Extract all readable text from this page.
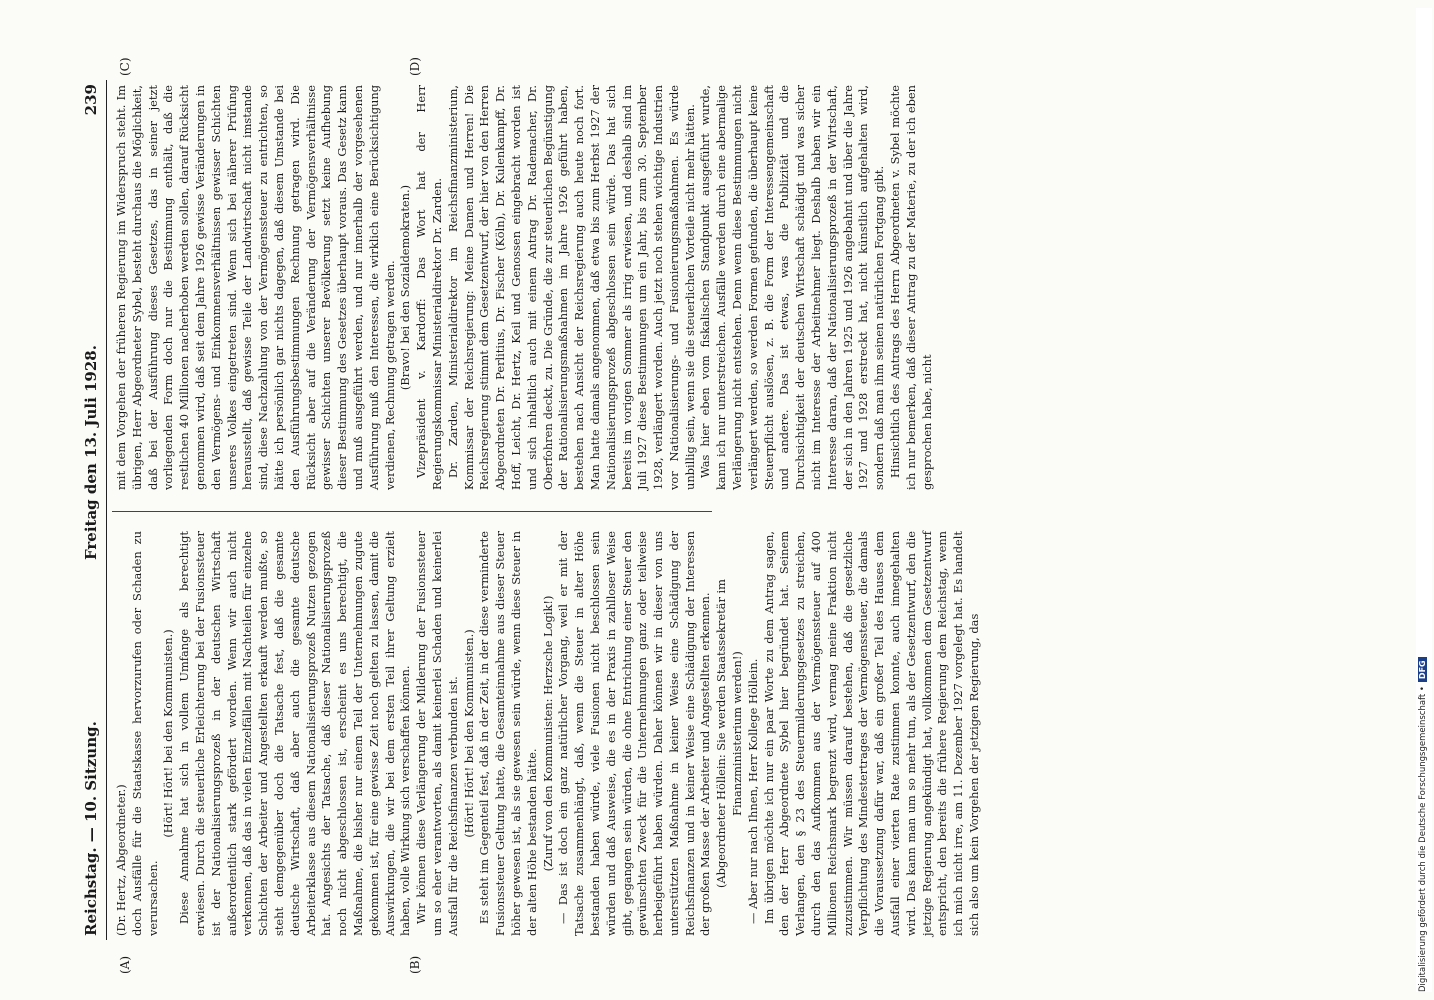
Reichstag. — 10. Sitzung.
Freitag den 13. Juli 1928.
239
(A)	(B)
(C)	(D)

(Dr. Hertz, Abgeordneter.) doch Ausfälle für die Staatskasse hervorzurufen oder Schaden zu verursachen.

(Hört! Hört! bei den Kommunisten.) Diese Annahme hat sich in vollem Umfange als berechtigt erwiesen. Durch die steuerliche Erleichterung bei der Fusionssteuer ist der Nationalisierungsprozeß in der deutschen Wirtschaft außerordentlich stark gefördert worden. Wenn wir auch nicht verkennen, daß das in vielen Einzelfällen mit Nachteilen für einzelne Schichten der Arbeiter und Angestellten erkauft werden mußte, so steht demgegenüber doch die Tatsache fest, daß die gesamte deutsche Wirtschaft, daß aber auch die gesamte deutsche Arbeiterklasse aus diesem Nationalisierungsprozeß Nutzen gezogen hat. Angesichts der Tatsache, daß dieser Nationalisierungsprozeß noch nicht abgeschlossen ist, erscheint es uns berechtigt, die Maßnahme, die bisher nur einem Teil der Unternehmungen zugute gekommen ist, für eine gewisse Zeit noch gelten zu lassen, damit die Auswirkungen, die wir bei dem ersten Teil ihrer Geltung erzielt haben, volle Wirkung sich verschaffen können. Wir können diese Verlängerung der Milderung der Fusionssteuer um so eher verantworten, als damit keinerlei Schaden und keinerlei Ausfall für die Reichsfinanzen verbunden ist. (Hört! Hört! bei den Kommunisten.) Es steht im Gegenteil fest, daß in der Zeit, in der diese verminderte Fusionssteuer Geltung hatte, die Gesamteinnahme aus dieser Steuer höher gewesen ist, als sie gewesen sein würde, wenn diese Steuer in der alten Höhe bestanden hätte. (Zuruf von den Kommunisten: Herzsche Logik!) — Das ist doch ein ganz natürlicher Vorgang, weil er mit der Tatsache zusammenhängt, daß, wenn die Steuer in alter Höhe bestanden haben würde, viele Fusionen nicht beschlossen sein würden und daß Ausweise, die es in der Praxis in zahlloser Weise gibt, gegangen sein würden, die ohne Entrichtung einer Steuer den gewünschten Zweck für die Unternehmungen ganz oder teilweise herbeigeführt haben würden. Daher können wir in dieser von uns unterstützten Maßnahme in keiner Weise eine Schädigung der Reichsfinanzen und in keiner Weise eine Schädigung der Interessen der großen Masse der Arbeiter und Angestellten erkennen. (Abgeordneter Höllein: Sie werden Staatssekretär im Finanzministerium werden!) — Aber nur nach Ihnen, Herr Kollege Höllein. Im übrigen möchte ich nur ein paar Worte zu dem Antrag sagen, den der Herr Abgeordnete Sybel hier begründet hat. Seinem Verlangen, den § 23 des Steuermilderungsgesetzes zu streichen, durch den das Aufkommen aus der Vermögenssteuer auf 400 Millionen Reichsmark begrenzt wird, vermag meine Fraktion nicht zuzustimmen. Wir müssen darauf bestehen, daß die gesetzliche Verpflichtung des Mindestertrages der Vermögenssteuer, die damals die Voraussetzung dafür war, daß ein großer Teil des Hauses dem Ausfall einer vierten Rate zustimmen konnte, auch innegehalten wird. Das kann man um so mehr tun, als der Gesetzentwurf, den die jetzige Regierung angekündigt hat, vollkommen dem Gesetzentwurf entspricht, den bereits die frühere Regierung dem Reichstag, wenn ich mich nicht irre, am 11. Dezember 1927 vorgelegt hat. Es handelt sich also um kein Vorgehen der jetzigen Regierung, das

mit dem Vorgehen der früheren Regierung im Widerspruch steht. Im übrigen, Herr Abgeordneter Sybel, besteht durchaus die Möglichkeit, daß bei der Ausführung dieses Gesetzes, das in seiner jetzt vorliegenden Form doch nur die Bestimmung enthält, daß die restlichen 40 Millionen nacherhoben werden sollen, darauf Rücksicht genommen wird, daß seit dem Jahre 1926 gewisse Veränderungen in den Vermögens- und Einkommensverhältnissen gewisser Schichten unseres Volkes eingetreten sind. Wenn sich bei näherer Prüfung herausstellt, daß gewisse Teile der Landwirtschaft nicht imstande sind, diese Nachzahlung von der Vermögenssteuer zu entrichten, so hätte ich persönlich gar nichts dagegen, daß diesem Umstande bei den Ausführungsbestimmungen Rechnung getragen wird. Die Rücksicht aber auf die Veränderung der Vermögensverhältnisse gewisser Schichten unserer Bevölkerung setzt keine Aufhebung dieser Bestimmung des Gesetzes überhaupt voraus. Das Gesetz kann und muß ausgeführt werden, und nur innerhalb der vorgesehenen Ausführung muß den Interessen, die wirklich eine Berücksichtigung verdienen, Rechnung getragen werden. (Bravo! bei den Sozialdemokraten.) Vizepräsident v. Kardorff: Das Wort hat der Herr Regierungskommissar Ministerialdirektor Dr. Zarden. Dr. Zarden, Ministerialdirektor im Reichsfinanzministerium, Kommissar der Reichsregierung: Meine Damen und Herren! Die Reichsregierung stimmt dem Gesetzentwurf, der hier von den Herren Abgeordneten Dr. Perlitius, Dr. Fischer (Köln), Dr. Kulenkampff, Dr. Hoff, Leicht, Dr. Hertz, Keil und Genossen eingebracht worden ist und sich inhaltlich auch mit einem Antrag Dr. Rademacher, Dr. Oberfohren deckt, zu. Die Gründe, die zur steuerlichen Begünstigung der Rationalisierungsmaßnahmen im Jahre 1926 geführt haben, bestehen nach Ansicht der Reichsregierung auch heute noch fort. Man hatte damals angenommen, daß etwa bis zum Herbst 1927 der Nationalisierungsprozeß abgeschlossen sein würde. Das hat sich bereits im vorigen Sommer als irrig erwiesen, und deshalb sind im Juli 1927 diese Bestimmungen um ein Jahr, bis zum 30. September 1928, verlängert worden. Auch jetzt noch stehen wichtige Industrien vor Nationalisierungs- und Fusionierungsmaßnahmen. Es würde unbillig sein, wenn sie die steuerlichen Vorteile nicht mehr hätten. Was hier eben vom fiskalischen Standpunkt ausgeführt wurde, kann ich nur unterstreichen. Ausfälle werden durch eine abermalige Verlängerung nicht entstehen. Denn wenn diese Bestimmungen nicht verlängert werden, so werden Formen gefunden, die überhaupt keine Steuerpflicht auslösen, z. B. die Form der Interessengemeinschaft und andere. Das ist etwas, was die Publizität und die Durchsichtigkeit der deutschen Wirtschaft schädigt und was sicher nicht im Interesse der Arbeitnehmer liegt. Deshalb haben wir ein Interesse daran, daß der Nationalisierungsprozeß in der Wirtschaft, der sich in den Jahren 1925 und 1926 angebahnt und über die Jahre 1927 und 1928 erstreckt hat, nicht künstlich aufgehalten wird, sondern daß man ihm seinen natürlichen Fortgang gibt. Hinsichtlich des Antrags des Herrn Abgeordneten v. Sybel möchte ich nur bemerken, daß dieser Antrag zu der Materie, zu der ich eben gesprochen habe, nicht

Digitalisierung gefördert durch die Deutsche Forschungsgemeinschaft •DFG
